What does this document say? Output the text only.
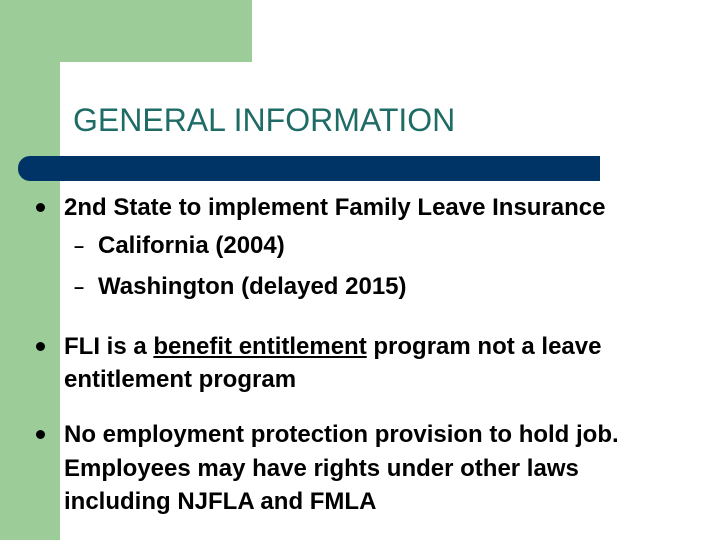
GENERAL INFORMATION
2nd State to implement Family Leave Insurance
– California (2004)
– Washington (delayed 2015)
FLI is a benefit entitlement program not a leave
entitlement program
No employment protection provision to hold job.
Employees may have rights under other laws
including NJFLA and FMLA
